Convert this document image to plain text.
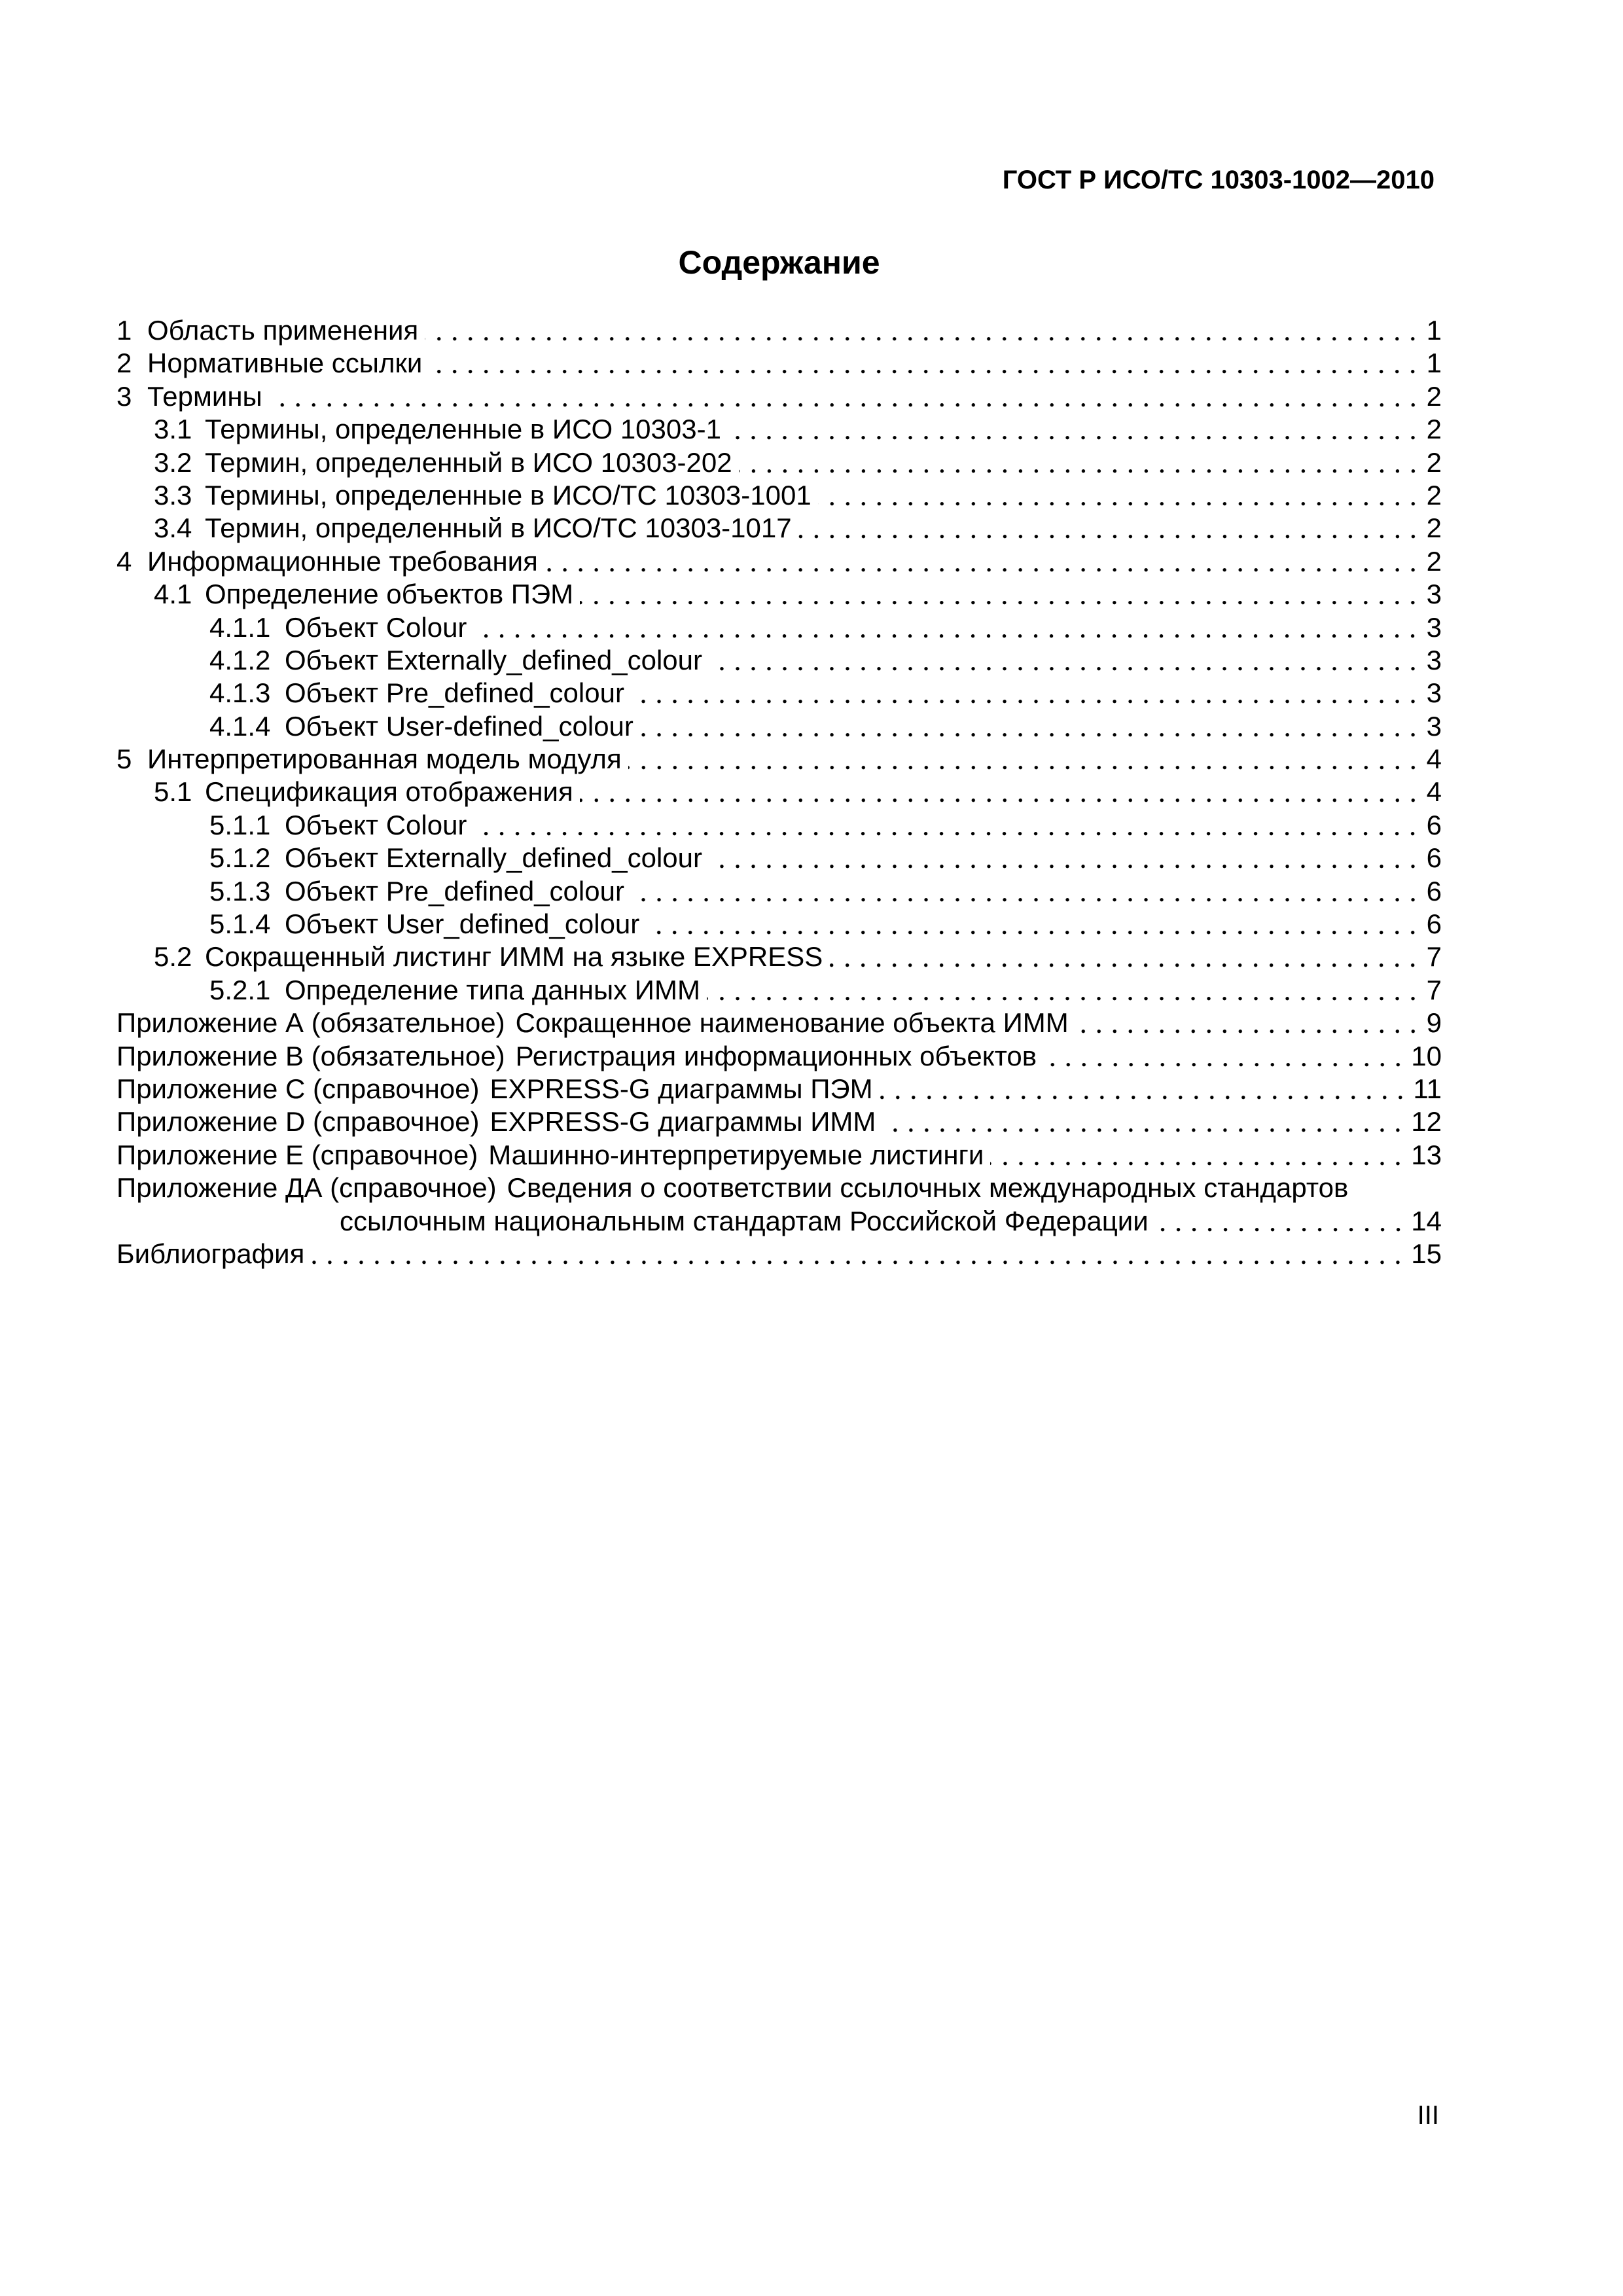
ГОСТ Р ИСО/ТС 10303-1002—2010
Содержание
1 Область применения	1
2 Нормативные ссылки	1
3 Термины	2
3.1 Термины, определенные в ИСО 10303-1	2
3.2 Термин, определенный в ИСО 10303-202	2
3.3 Термины, определенные в ИСО/ТС 10303-1001	2
3.4 Термин, определенный в ИСО/ТС 10303-1017	2
4 Информационные требования	2
4.1 Определение объектов ПЭМ	3
4.1.1 Объект Colour	3
4.1.2 Объект Externally_defined_colour	3
4.1.3 Объект Pre_defined_colour	3
4.1.4 Объект User-defined_colour	3
5 Интерпретированная модель модуля	4
5.1 Спецификация отображения	4
5.1.1 Объект Colour	6
5.1.2 Объект Externally_defined_colour	6
5.1.3 Объект Pre_defined_colour	6
5.1.4 Объект User_defined_colour	6
5.2 Сокращенный листинг ИММ на языке EXPRESS	7
5.2.1 Определение типа данных ИММ	7
Приложение А (обязательное) Сокращенное наименование объекта ИММ	9
Приложение В (обязательное) Регистрация информационных объектов	10
Приложение С (справочное) EXPRESS-G диаграммы ПЭМ	11
Приложение D (справочное) EXPRESS-G диаграммы ИММ	12
Приложение Е (справочное) Машинно-интерпретируемые листинги	13
Приложение ДА (справочное) Сведения о соответствии ссылочных международных стандартов
ссылочным национальным стандартам Российской Федерации	14
Библиография	15
III
